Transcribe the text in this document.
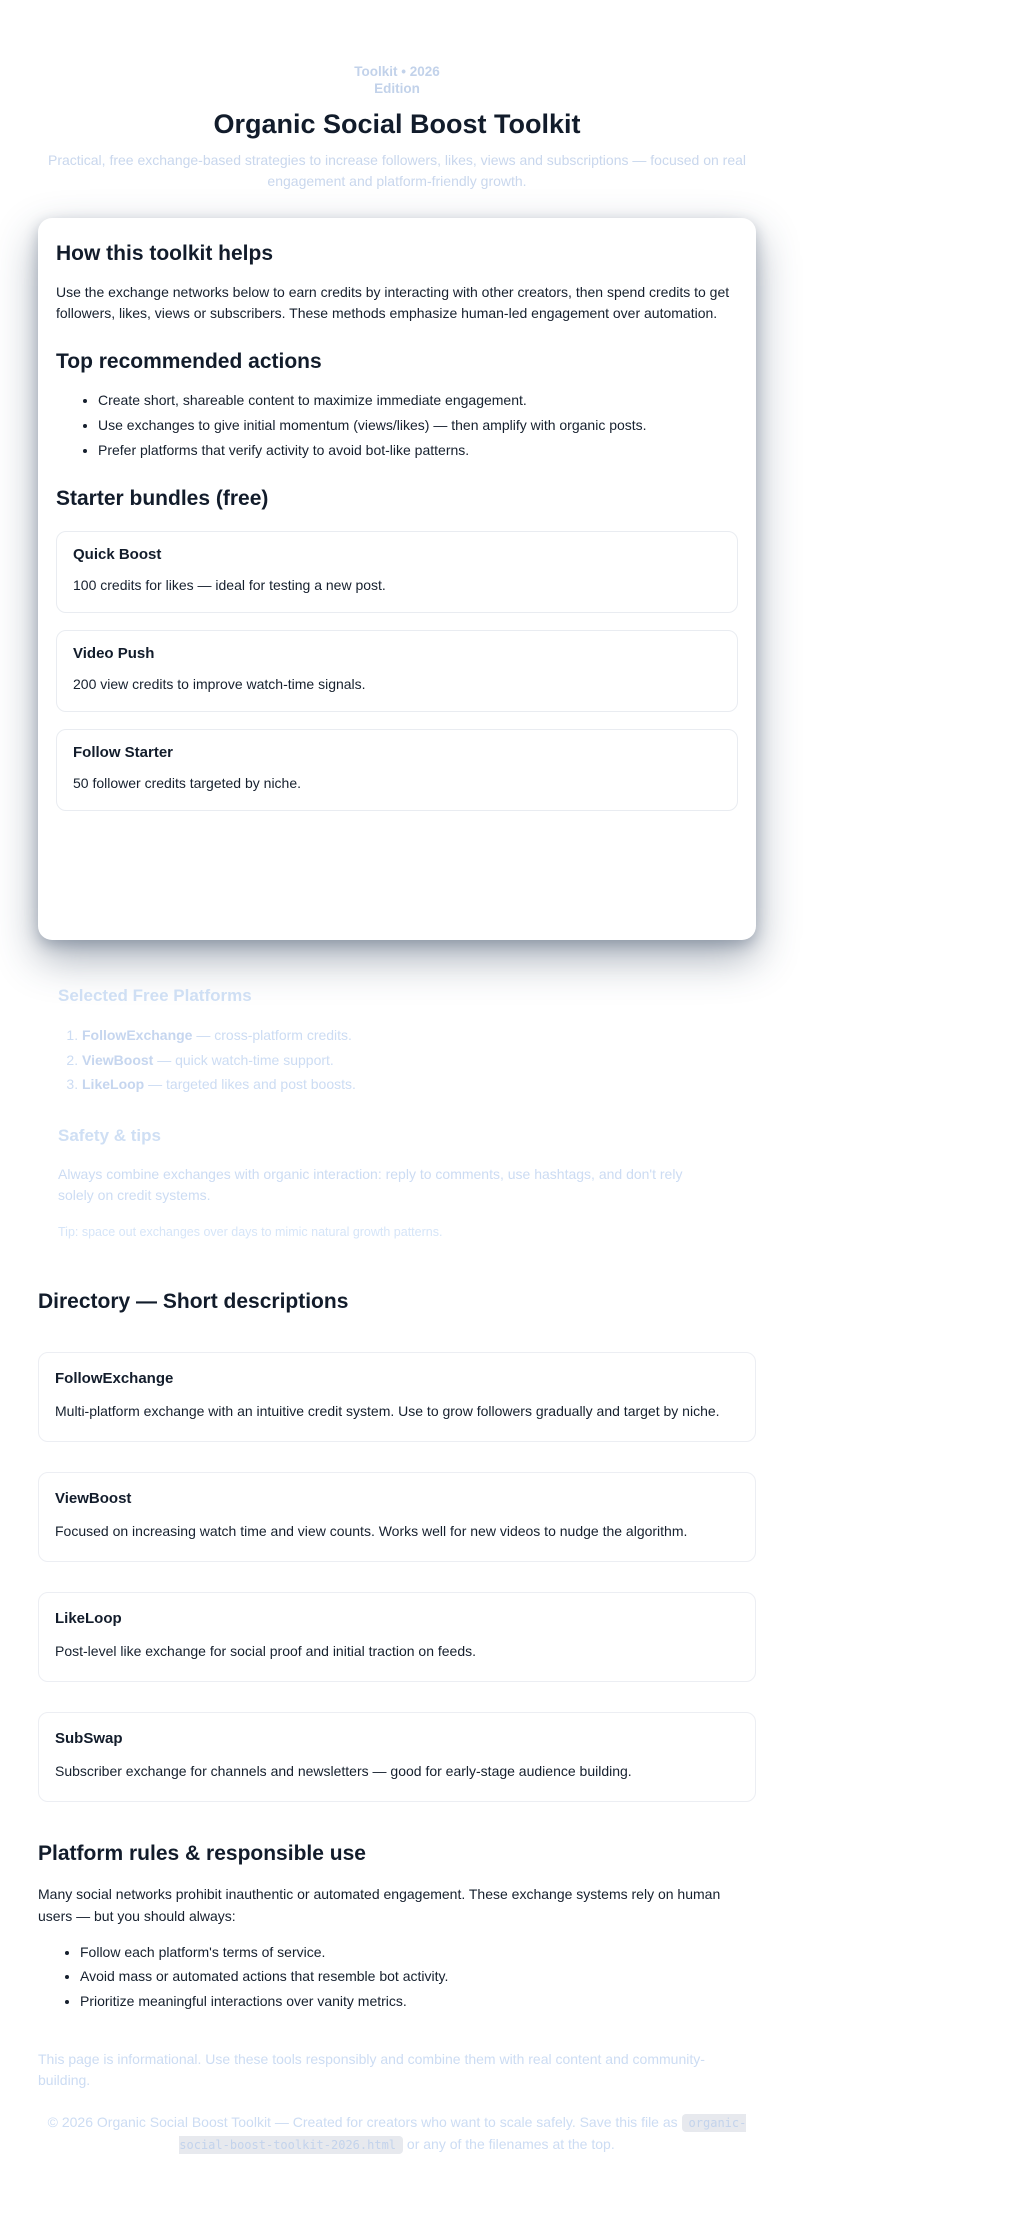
Toolkit • 2026 Edition
Organic Social Boost Toolkit

Practical, free exchange-based strategies to increase followers, likes, views and subscriptions — focused on real engagement and platform-friendly growth.

How this toolkit helps

Use the exchange networks below to earn credits by interacting with other creators, then spend credits to get followers, likes, views or subscribers. These methods emphasize human-led engagement over automation.

Top recommended actions
• Create short, shareable content to maximize immediate engagement.
• Use exchanges to give initial momentum (views/likes) — then amplify with organic posts.
• Prefer platforms that verify activity to avoid bot-like patterns.
Starter bundles (free)
Quick Boost

100 credits for likes — ideal for testing a new post.

Video Push

200 view credits to improve watch-time signals.

Follow Starter

50 follower credits targeted by niche.

Selected Free Platforms
1. FollowExchange — cross-platform credits.
2. ViewBoost — quick watch-time support.
3. LikeLoop — targeted likes and post boosts.
Safety & tips

Always combine exchanges with organic interaction: reply to comments, use hashtags, and don't rely solely on credit systems.

Tip: space out exchanges over days to mimic natural growth patterns.

Directory — Short descriptions
FollowExchange

Multi-platform exchange with an intuitive credit system. Use to grow followers gradually and target by niche.

ViewBoost

Focused on increasing watch time and view counts. Works well for new videos to nudge the algorithm.

LikeLoop

Post-level like exchange for social proof and initial traction on feeds.

SubSwap

Subscriber exchange for channels and newsletters — good for early-stage audience building.

Platform rules & responsible use

Many social networks prohibit inauthentic or automated engagement. These exchange systems rely on human users — but you should always:

• Follow each platform's terms of service.
• Avoid mass or automated actions that resemble bot activity.
• Prioritize meaningful interactions over vanity metrics.

This page is informational. Use these tools responsibly and combine them with real content and community-building.

© 2026 Organic Social Boost Toolkit — Created for creators who want to scale safely. Save this file as organic-social-boost-toolkit-2026.html or any of the filenames at the top.
